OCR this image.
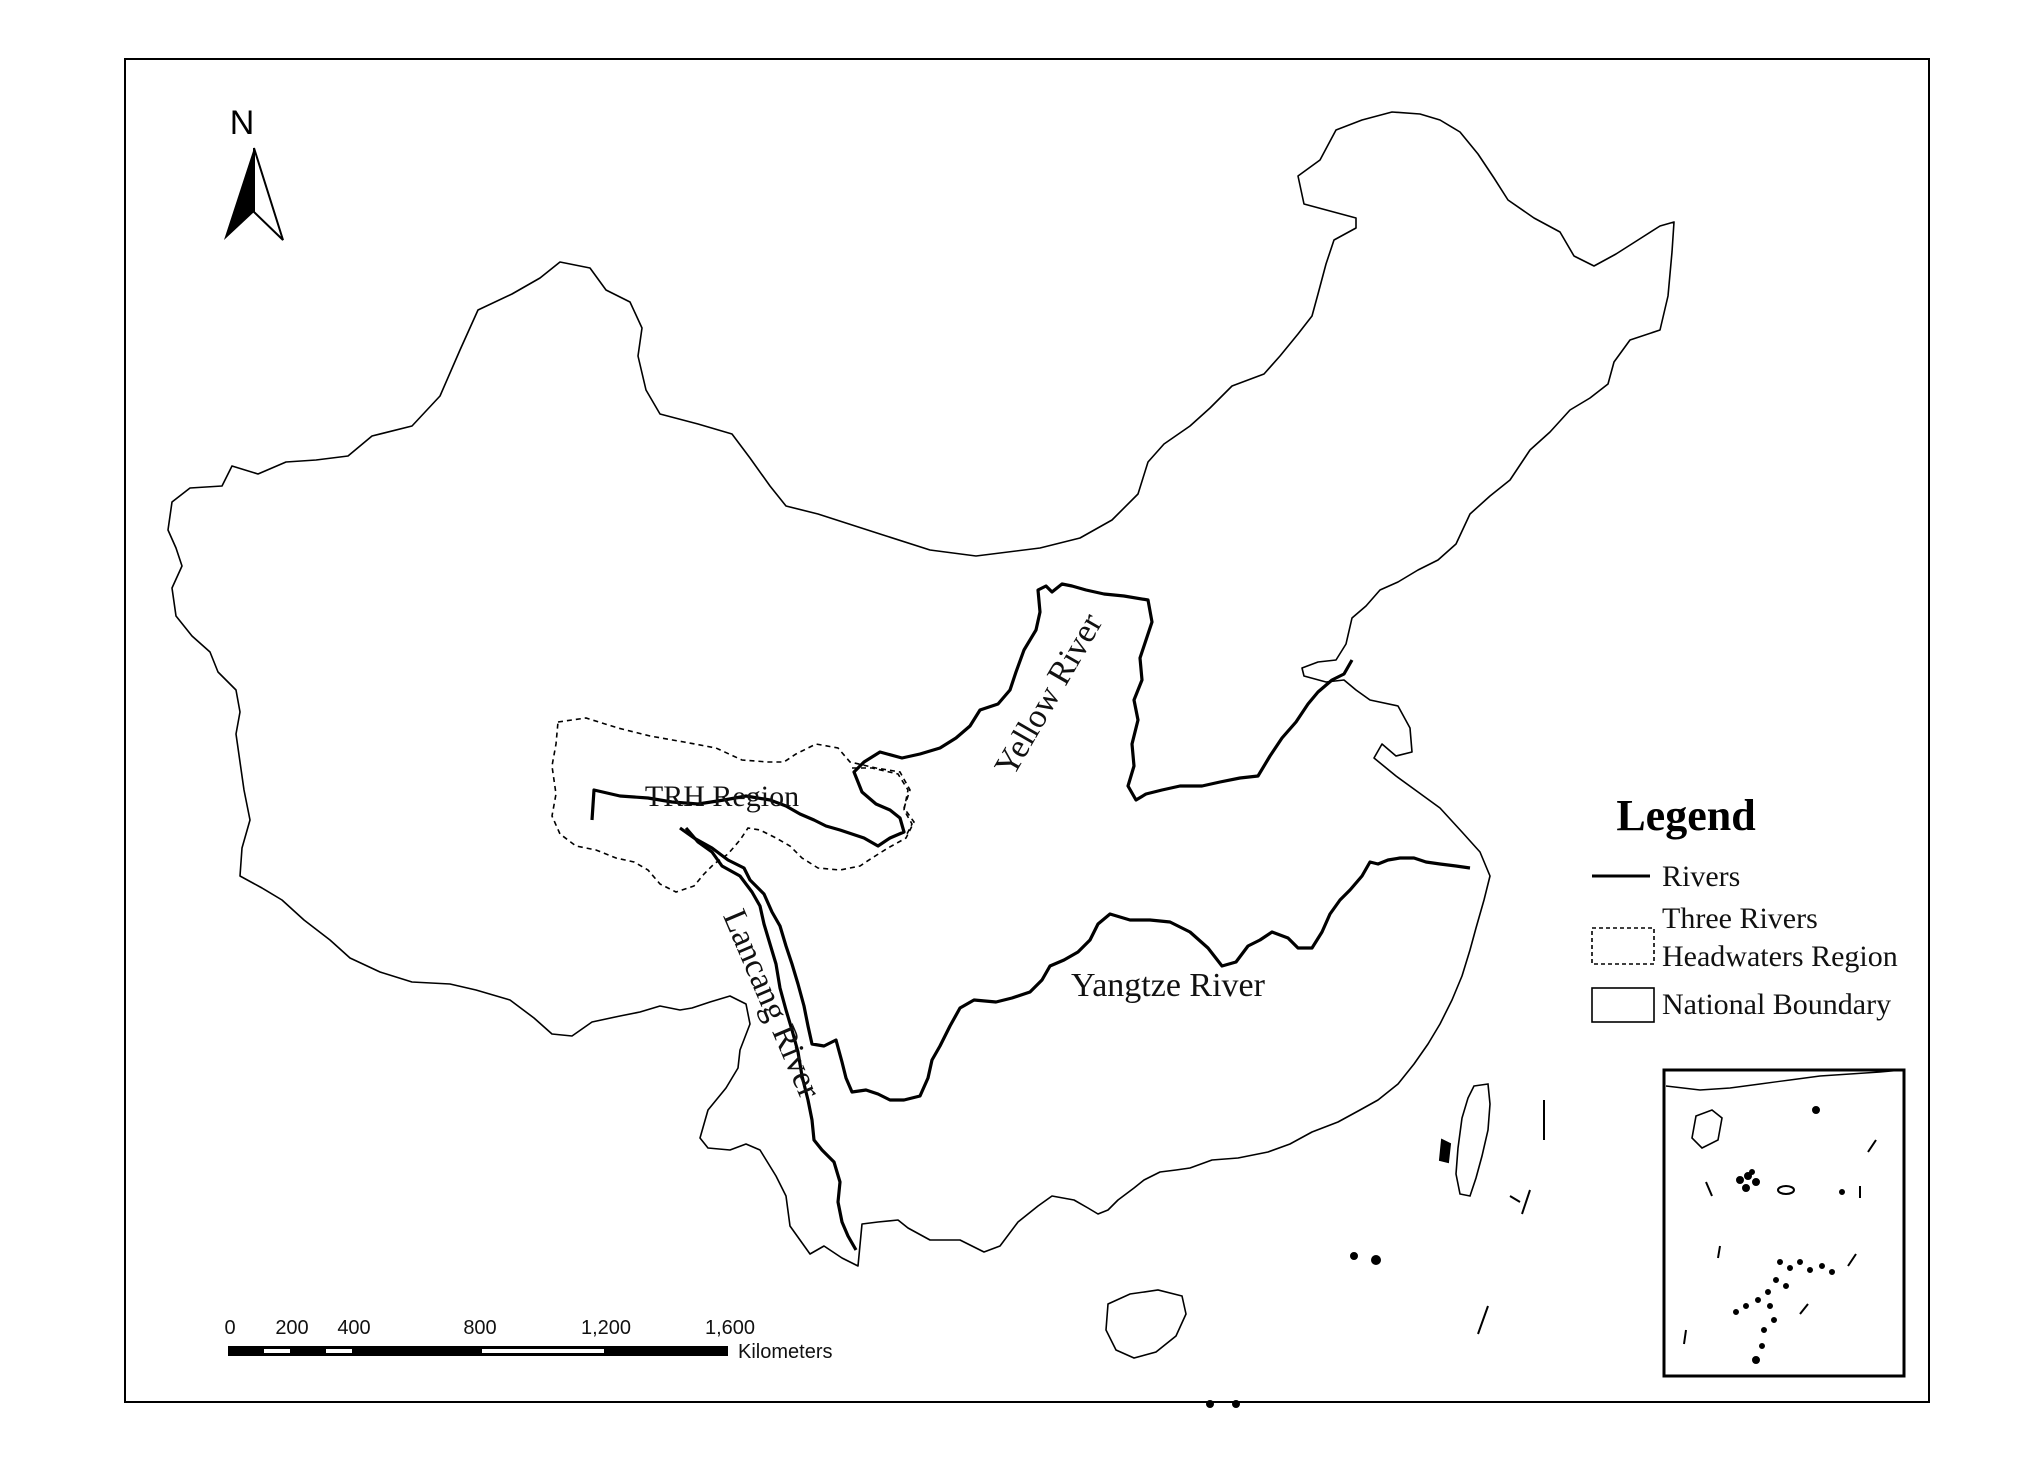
N
Yellow River
Yangtze River
Lancang River
TRH Region	Legend
Rivers
Three Rivers
Headwaters Region
National Boundary
0 200 400	800	1,200	1,600
Kilometers
